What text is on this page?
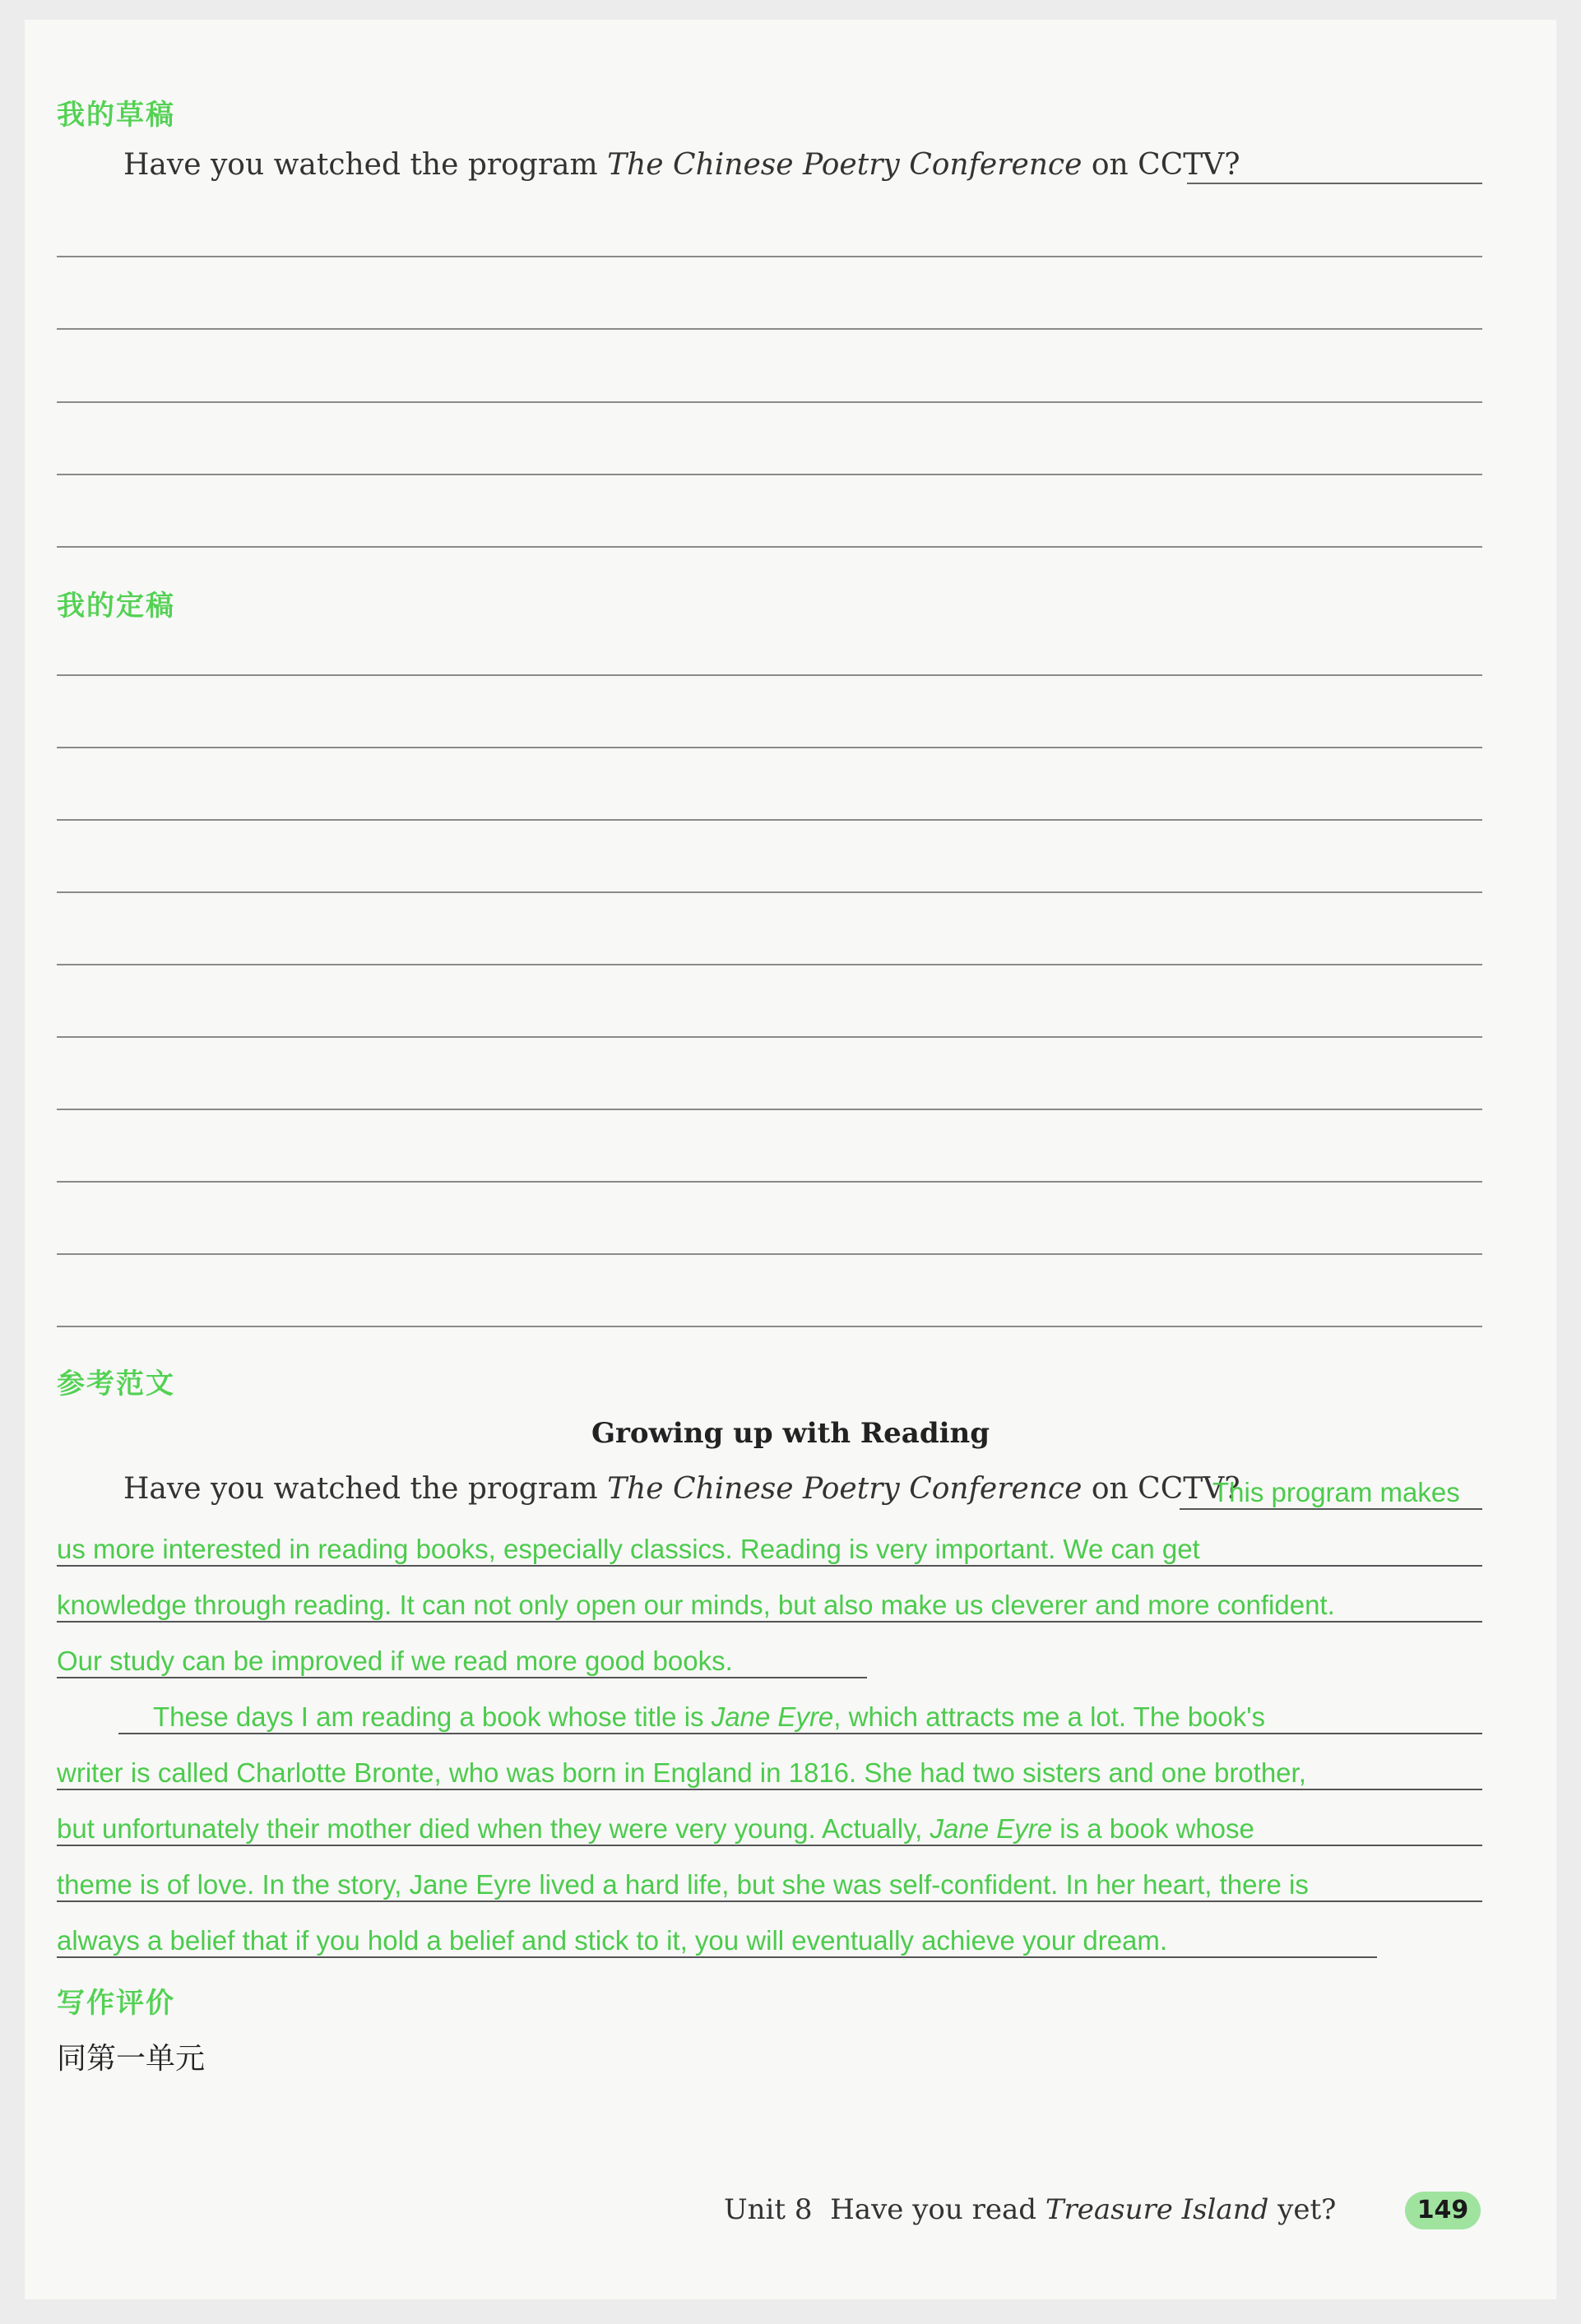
我的草稿
Have you watched the program The Chinese Poetry Conference on CCTV?
我的定稿
参考范文
Growing up with Reading
Have you watched the program The Chinese Poetry Conference on CCTV?
This program makes
us more interested in reading books, especially classics. Reading is very important. We can get
knowledge through reading. It can not only open our minds, but also make us cleverer and more confident.
Our study can be improved if we read more good books.
These days I am reading a book whose title is Jane Eyre, which attracts me a lot. The book's
writer is called Charlotte Bronte, who was born in England in 1816. She had two sisters and one brother,
but unfortunately their mother died when they were very young. Actually, Jane Eyre is a book whose
theme is of love. In the story, Jane Eyre lived a hard life, but she was self-confident. In her heart, there is
always a belief that if you hold a belief and stick to it, you will eventually achieve your dream.
写作评价
同第一单元
Unit 8 Have you read Treasure Island yet?	149
